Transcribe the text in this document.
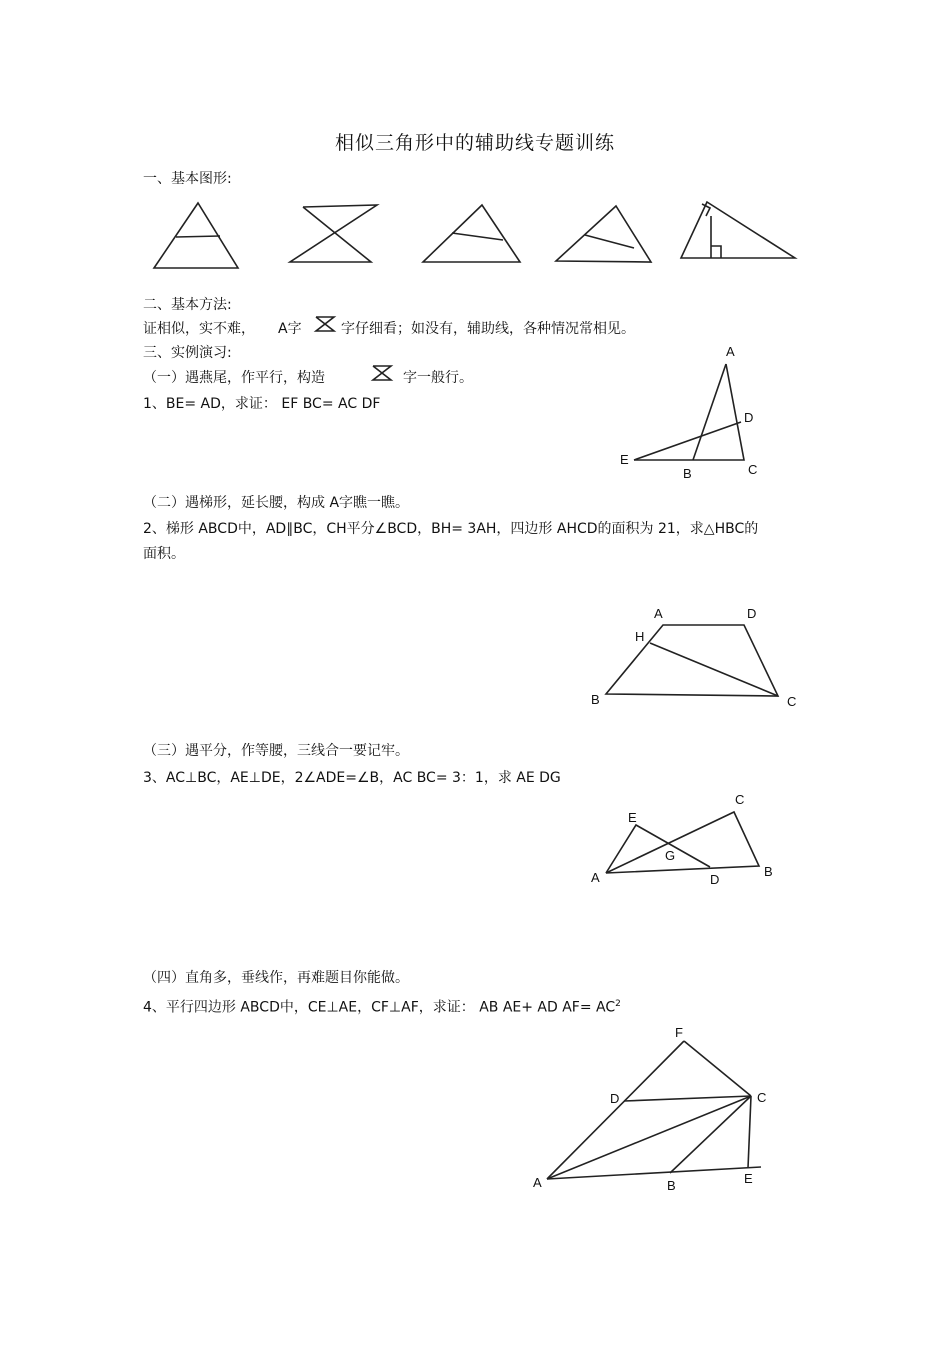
相似三角形中的辅助线专题训练
一、基本图形:
二、基本方法:
证相似，实不难， A字	字仔细看；如没有，辅助线，各种情况常相见。
三、实例演习:
（一）遇燕尾，作平行，构造	字一般行。
1、BE= AD，求证： EF BC= AC DF
A
D
E
B	C
（二）遇梯形，延长腰，构成 A字瞧一瞧。
2、梯形 ABCD中，AD∥BC，CH平分∠BCD，BH= 3AH，四边形 AHCD的面积为 21，求△HBC的
面积。
A	D
H
B	C
（三）遇平分，作等腰，三线合一要记牢。
3、AC⊥BC，AE⊥DE，2∠ADE=∠B，AC BC= 3：1，求 AE DG
C
E
G
A	D
B
（四）直角多，垂线作，再难题目你能做。
4、平行四边形 ABCD中，CE⊥AE，CF⊥AF，求证： AB AE+ AD $AF= AC^2$
F
D	C
A	B	E
